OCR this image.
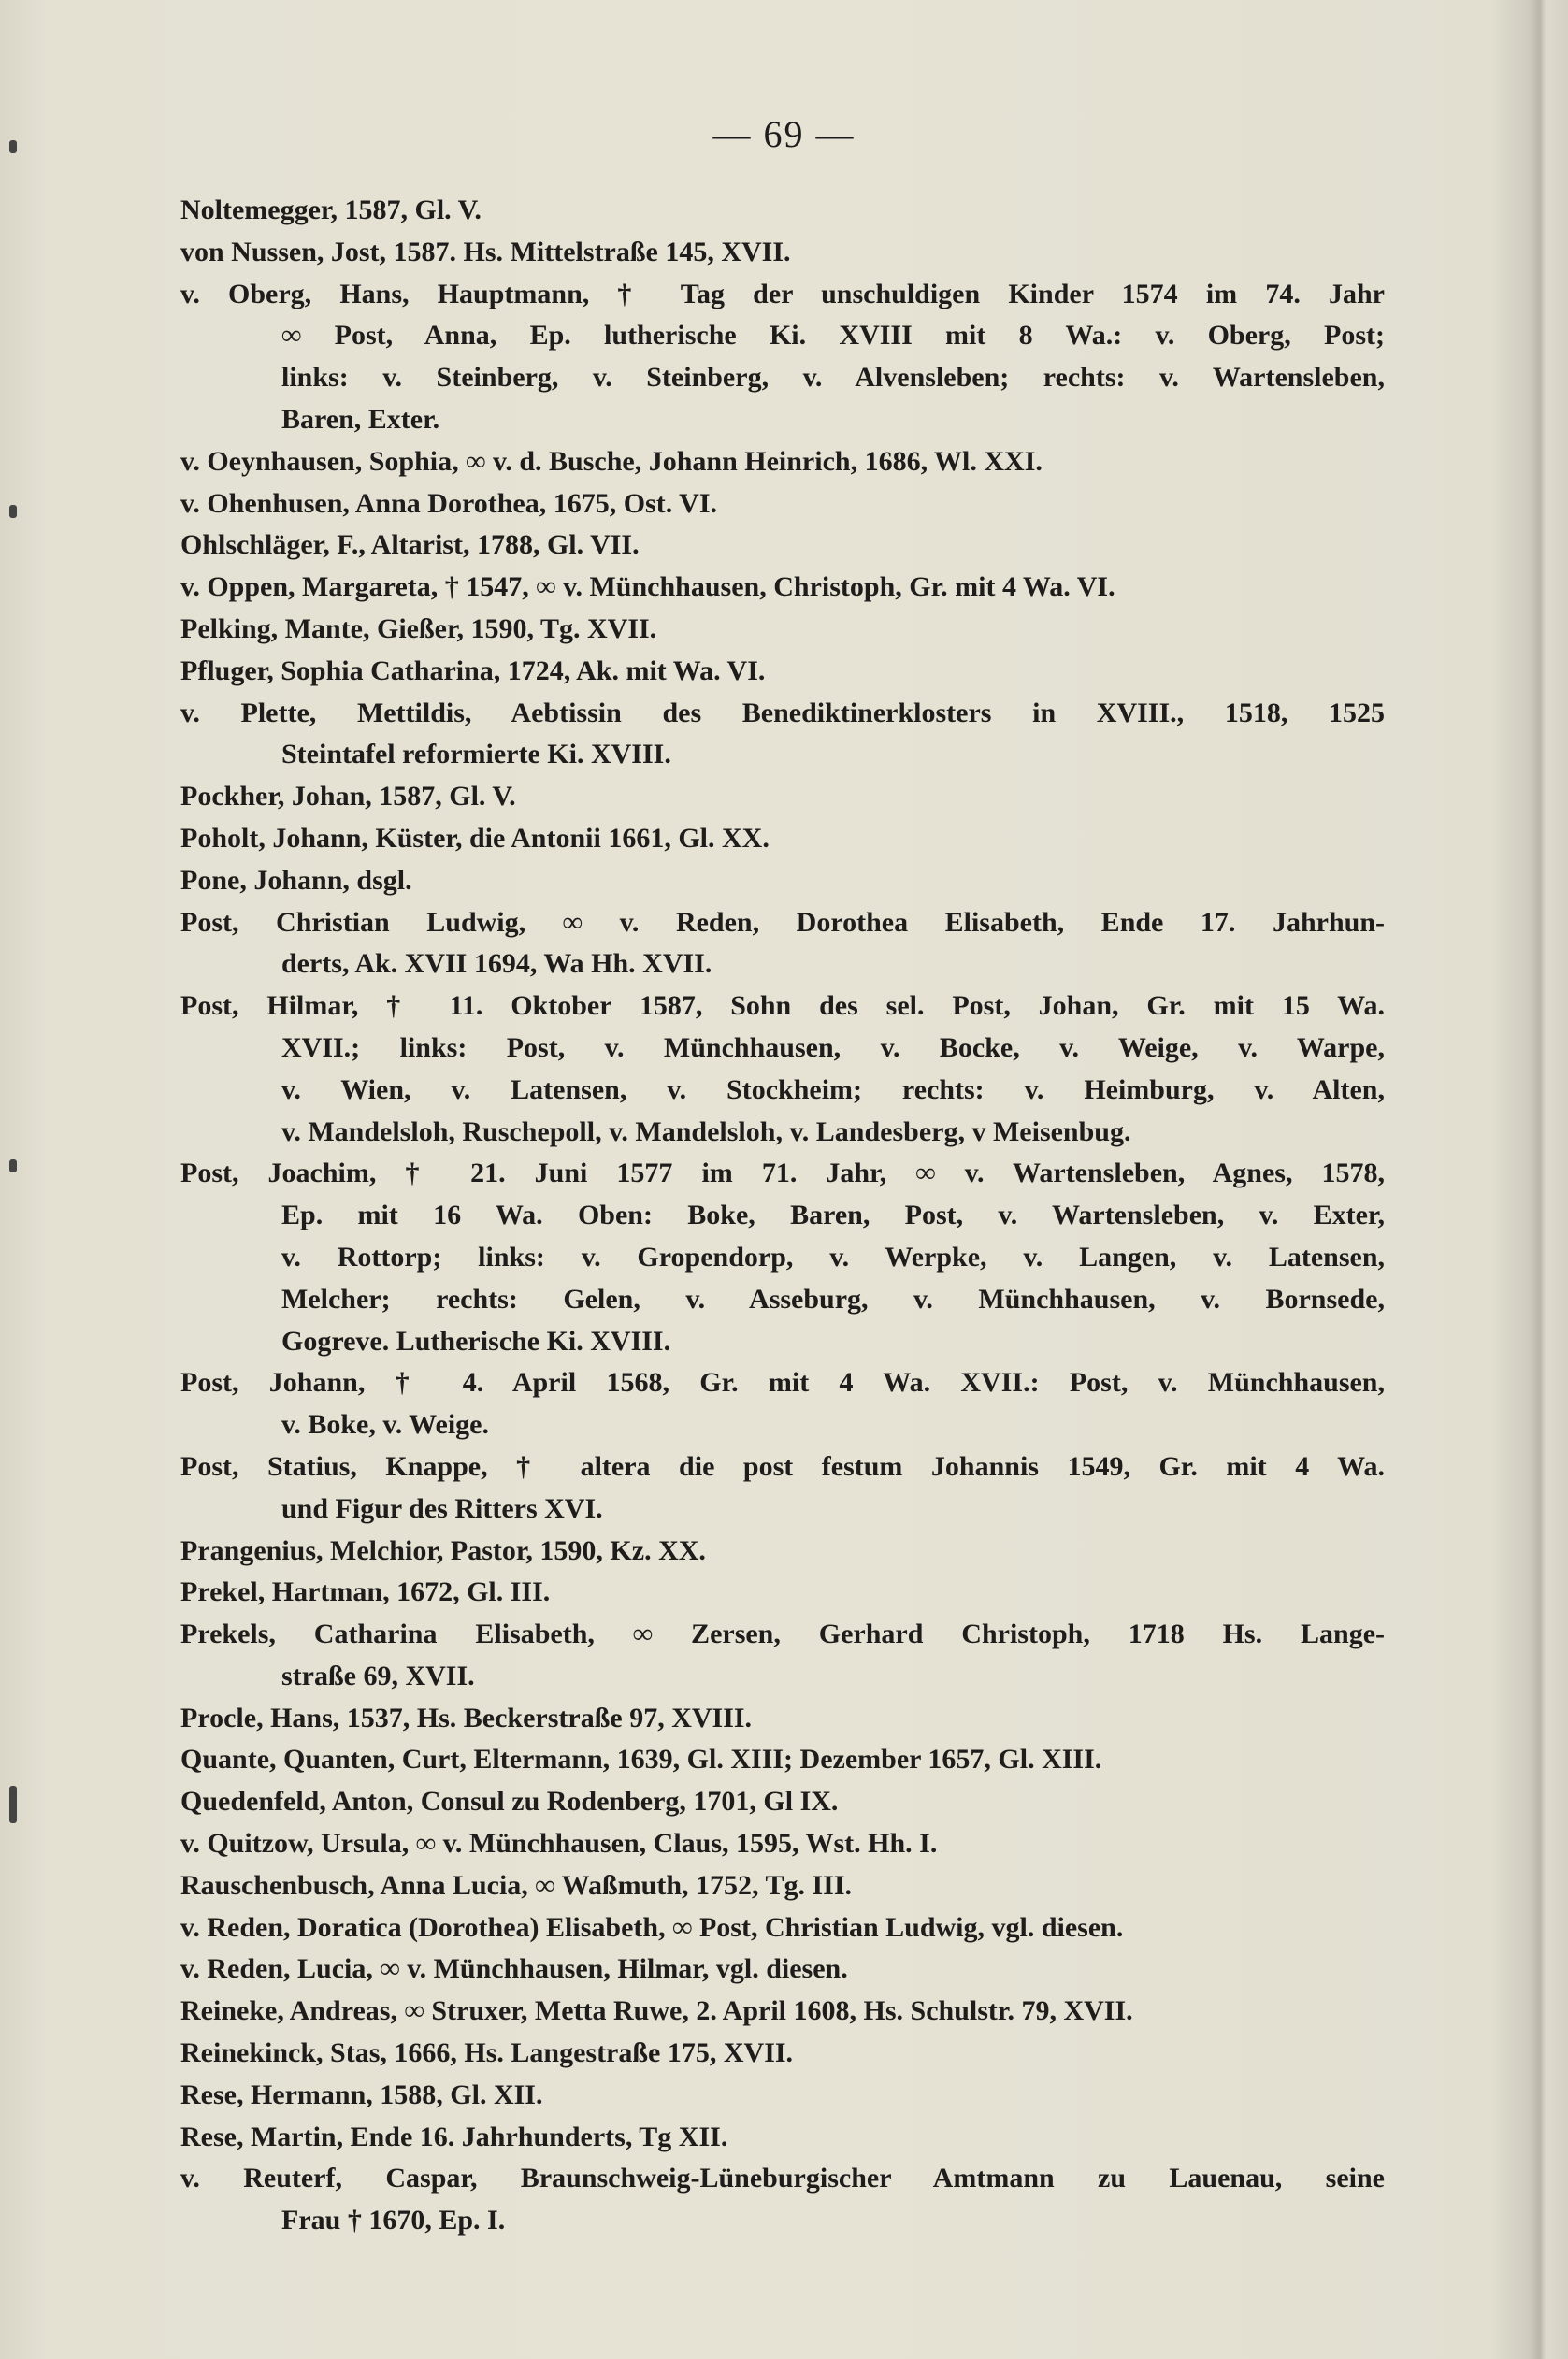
— 69 —
Noltemegger, 1587, Gl. V.
von Nussen, Jost, 1587. Hs. Mittelstraße 145, XVII.
v. Oberg, Hans, Hauptmann, † Tag der unschuldigen Kinder 1574 im 74. Jahr
∞ Post, Anna, Ep. lutherische Ki. XVIII mit 8 Wa.: v. Oberg, Post;
links: v. Steinberg, v. Steinberg, v. Alvensleben; rechts: v. Wartensleben,
Baren, Exter.
v. Oeynhausen, Sophia, ∞ v. d. Busche, Johann Heinrich, 1686, Wl. XXI.
v. Ohenhusen, Anna Dorothea, 1675, Ost. VI.
Ohlschläger, F., Altarist, 1788, Gl. VII.
v. Oppen, Margareta, † 1547, ∞ v. Münchhausen, Christoph, Gr. mit 4 Wa. VI.
Pelking, Mante, Gießer, 1590, Tg. XVII.
Pfluger, Sophia Catharina, 1724, Ak. mit Wa. VI.
v. Plette, Mettildis, Aebtissin des Benediktinerklosters in XVIII., 1518, 1525
Steintafel reformierte Ki. XVIII.
Pockher, Johan, 1587, Gl. V.
Poholt, Johann, Küster, die Antonii 1661, Gl. XX.
Pone, Johann, dsgl.
Post, Christian Ludwig, ∞ v. Reden, Dorothea Elisabeth, Ende 17. Jahrhun-
derts, Ak. XVII 1694, Wa Hh. XVII.
Post, Hilmar, † 11. Oktober 1587, Sohn des sel. Post, Johan, Gr. mit 15 Wa.
XVII.; links: Post, v. Münchhausen, v. Bocke, v. Weige, v. Warpe,
v. Wien, v. Latensen, v. Stockheim; rechts: v. Heimburg, v. Alten,
v. Mandelsloh, Ruschepoll, v. Mandelsloh, v. Landesberg, v Meisenbug.
Post, Joachim, † 21. Juni 1577 im 71. Jahr, ∞ v. Wartensleben, Agnes, 1578,
Ep. mit 16 Wa. Oben: Boke, Baren, Post, v. Wartensleben, v. Exter,
v. Rottorp; links: v. Gropendorp, v. Werpke, v. Langen, v. Latensen,
Melcher; rechts: Gelen, v. Asseburg, v. Münchhausen, v. Bornsede,
Gogreve. Lutherische Ki. XVIII.
Post, Johann, † 4. April 1568, Gr. mit 4 Wa. XVII.: Post, v. Münchhausen,
v. Boke, v. Weige.
Post, Statius, Knappe, † altera die post festum Johannis 1549, Gr. mit 4 Wa.
und Figur des Ritters XVI.
Prangenius, Melchior, Pastor, 1590, Kz. XX.
Prekel, Hartman, 1672, Gl. III.
Prekels, Catharina Elisabeth, ∞ Zersen, Gerhard Christoph, 1718 Hs. Lange-
straße 69, XVII.
Procle, Hans, 1537, Hs. Beckerstraße 97, XVIII.
Quante, Quanten, Curt, Eltermann, 1639, Gl. XIII; Dezember 1657, Gl. XIII.
Quedenfeld, Anton, Consul zu Rodenberg, 1701, Gl IX.
v. Quitzow, Ursula, ∞ v. Münchhausen, Claus, 1595, Wst. Hh. I.
Rauschenbusch, Anna Lucia, ∞ Waßmuth, 1752, Tg. III.
v. Reden, Doratica (Dorothea) Elisabeth, ∞ Post, Christian Ludwig, vgl. diesen.
v. Reden, Lucia, ∞ v. Münchhausen, Hilmar, vgl. diesen.
Reineke, Andreas, ∞ Struxer, Metta Ruwe, 2. April 1608, Hs. Schulstr. 79, XVII.
Reinekinck, Stas, 1666, Hs. Langestraße 175, XVII.
Rese, Hermann, 1588, Gl. XII.
Rese, Martin, Ende 16. Jahrhunderts, Tg XII.
v. Reuterf, Caspar, Braunschweig-Lüneburgischer Amtmann zu Lauenau, seine
Frau † 1670, Ep. I.
